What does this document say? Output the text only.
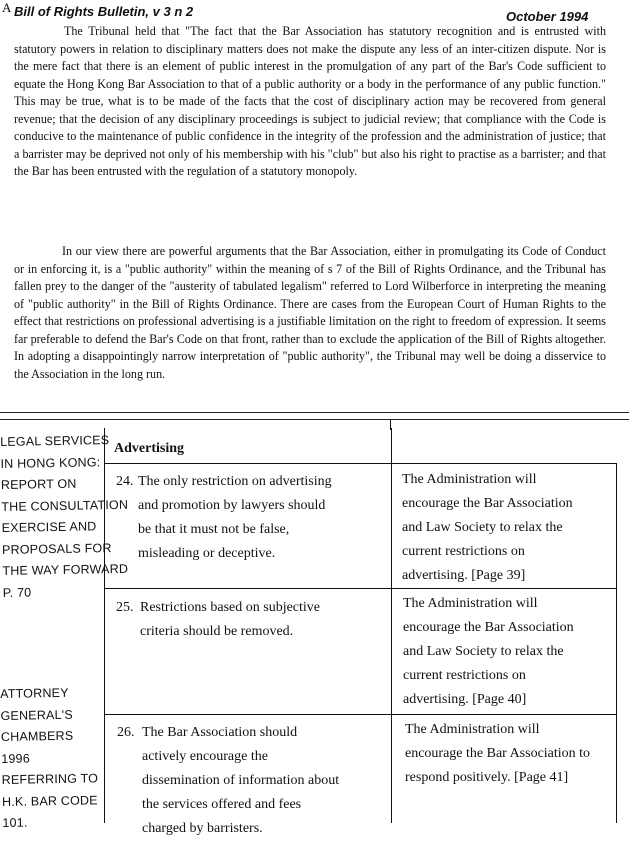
A Bill of Rights Bulletin, v 3 n 2	October 1994
The Tribunal held that "The fact that the Bar Association has statutory recognition and is entrusted with statutory powers in relation to disciplinary matters does not make the dispute any less of an inter-citizen dispute. Nor is the mere fact that there is an element of public interest in the promulgation of any part of the Bar's Code sufficient to equate the Hong Kong Bar Association to that of a public authority or a body in the performance of any public function." This may be true, what is to be made of the facts that the cost of disciplinary action may be recovered from general revenue; that the decision of any disciplinary proceedings is subject to judicial review; that compliance with the Code is conducive to the maintenance of public confidence in the integrity of the profession and the administration of justice; that a barrister may be deprived not only of his membership with his "club" but also his right to practise as a barrister; and that the Bar has been entrusted with the regulation of a statutory monopoly.
In our view there are powerful arguments that the Bar Association, either in promulgating its Code of Conduct or in enforcing it, is a "public authority" within the meaning of s 7 of the Bill of Rights Ordinance, and the Tribunal has fallen prey to the danger of the "austerity of tabulated legalism" referred to Lord Wilberforce in interpreting the meaning of "public authority" in the Bill of Rights Ordinance. There are cases from the European Court of Human Rights to the effect that restrictions on professional advertising is a justifiable limitation on the right to freedom of expression. It seems far preferable to defend the Bar's Code on that front, rather than to exclude the application of the Bill of Rights altogether. In adopting a disappointingly narrow interpretation of "public authority", the Tribunal may well be doing a disservice to the Association in the long run.
Advertising
24. The only restriction on advertising
and promotion by lawyers should
be that it must not be false,
misleading or deceptive.
The Administration will
encourage the Bar Association
and Law Society to relax the
current restrictions on
advertising. [Page 39]
25. Restrictions based on subjective
criteria should be removed.
The Administration will
encourage the Bar Association
and Law Society to relax the
current restrictions on
advertising. [Page 40]
26. The Bar Association should
actively encourage the
dissemination of information about
the services offered and fees
charged by barristers.
The Administration will
encourage the Bar Association to
respond positively. [Page 41]
LEGAL SERVICES
IN HONG KONG:
REPORT ON
THE CONSULTATION
EXERCISE AND
PROPOSALS FOR
THE WAY FORWARD
P. 70
ATTORNEY
GENERAL'S
CHAMBERS
1996
REFERRING TO
H.K. BAR CODE
101.
